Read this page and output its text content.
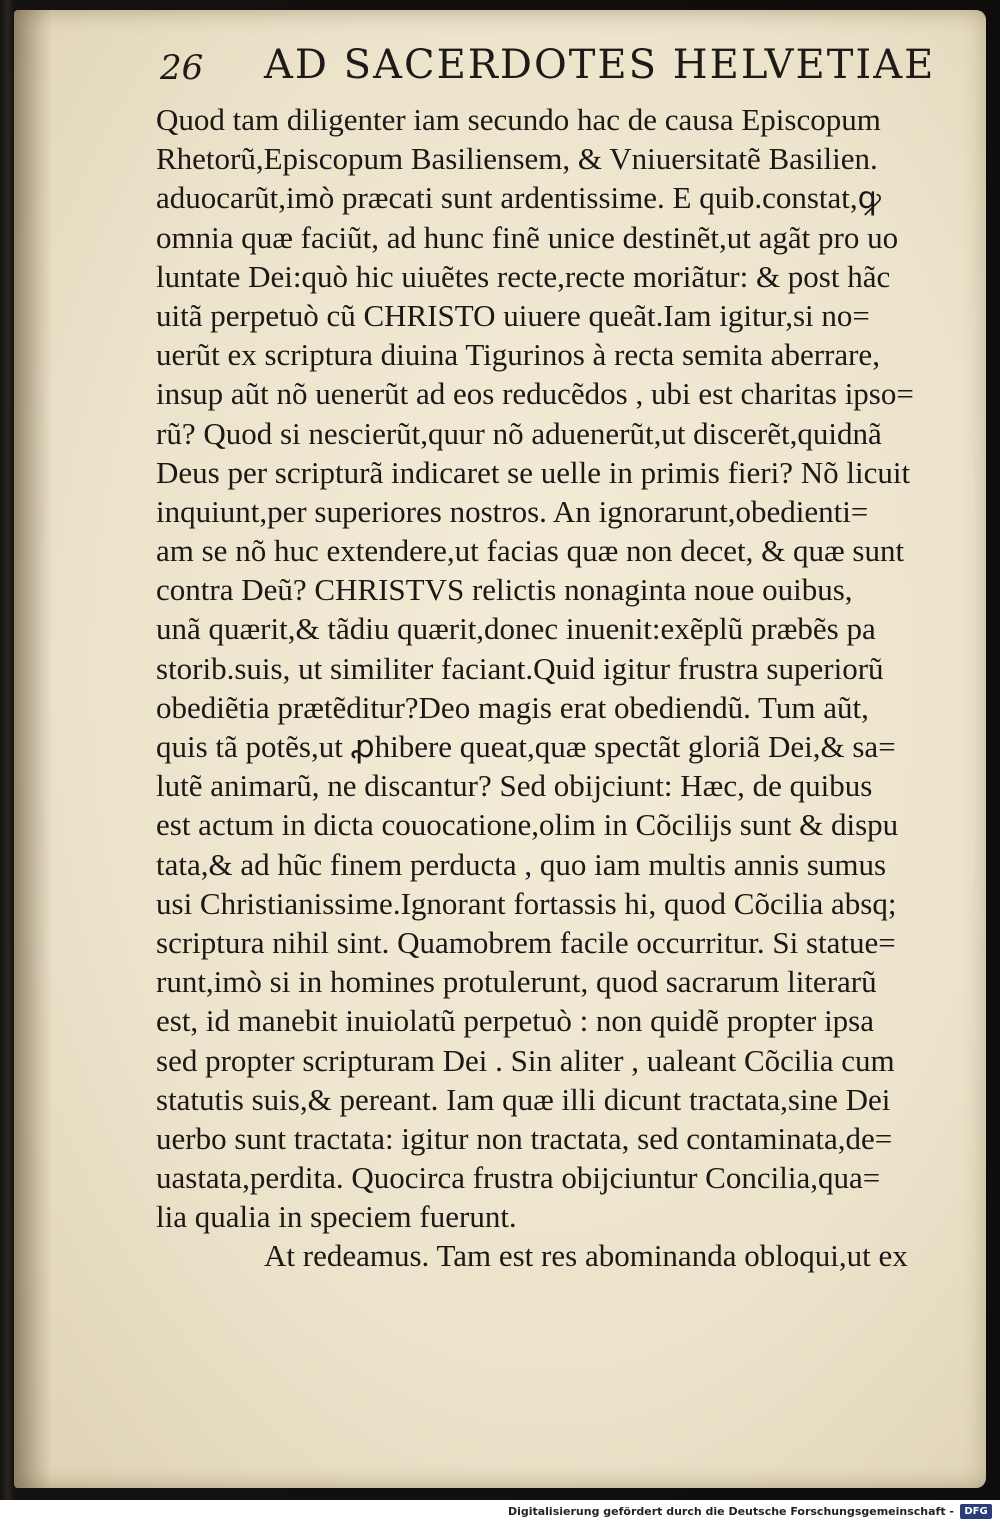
26 AD SACERDOTES HELVETIAE
Quod tam diligenter iam secundo hac de causa Episcopum
Rhetorũ,Episcopum Basiliensem, & Vniuersitatẽ Basilien.
aduocarũt,imò præcati sunt ardentissime. E quib.constat,ꝙ
omnia quæ faciũt, ad hunc finẽ unice destinẽt,ut agãt pro uo
luntate Dei:quò hic uiuẽtes recte,recte moriãtur: & post hãc
uitã perpetuò cũ CHRISTO uiuere queãt.Iam igitur,si no=
uerũt ex scriptura diuina Tigurinos à recta semita aberrare,
insup aũt nõ uenerũt ad eos reducẽdos , ubi est charitas ipso=
rũ? Quod si nescierũt,quur nõ aduenerũt,ut discerẽt,quidnã
Deus per scripturã indicaret se uelle in primis fieri? Nõ licuit
inquiunt,per superiores nostros. An ignorarunt,obedienti=
am se nõ huc extendere,ut facias quæ non decet, & quæ sunt
contra Deũ? CHRISTVS relictis nonaginta noue ouibus,
unã quærit,& tãdiu quærit,donec inuenit:exẽplũ præbẽs pa
storib.suis, ut similiter faciant.Quid igitur frustra superiorũ
obediẽtia prætẽditur?Deo magis erat obediendũ. Tum aũt,
quis tã potẽs,ut ꝓhibere queat,quæ spectãt gloriã Dei,& sa=
lutẽ animarũ, ne discantur? Sed obijciunt: Hæc, de quibus
est actum in dicta couocatione,olim in Cõcilijs sunt & dispu
tata,& ad hũc finem perducta , quo iam multis annis sumus
usi Christianissime.Ignorant fortassis hi, quod Cõcilia absq;
scriptura nihil sint. Quamobrem facile occurritur. Si statue=
runt,imò si in homines protulerunt, quod sacrarum literarũ
est, id manebit inuiolatũ perpetuò : non quidẽ propter ipsa
sed propter scripturam Dei . Sin aliter , ualeant Cõcilia cum
statutis suis,& pereant. Iam quæ illi dicunt tractata,sine Dei
uerbo sunt tractata: igitur non tractata, sed contaminata,de=
uastata,perdita. Quocirca frustra obijciuntur Concilia,qua=
lia qualia in speciem fuerunt.
At redeamus. Tam est res abominanda obloqui,ut ex
Digitalisierung gefördert durch die Deutsche Forschungsgemeinschaft -	DFG
